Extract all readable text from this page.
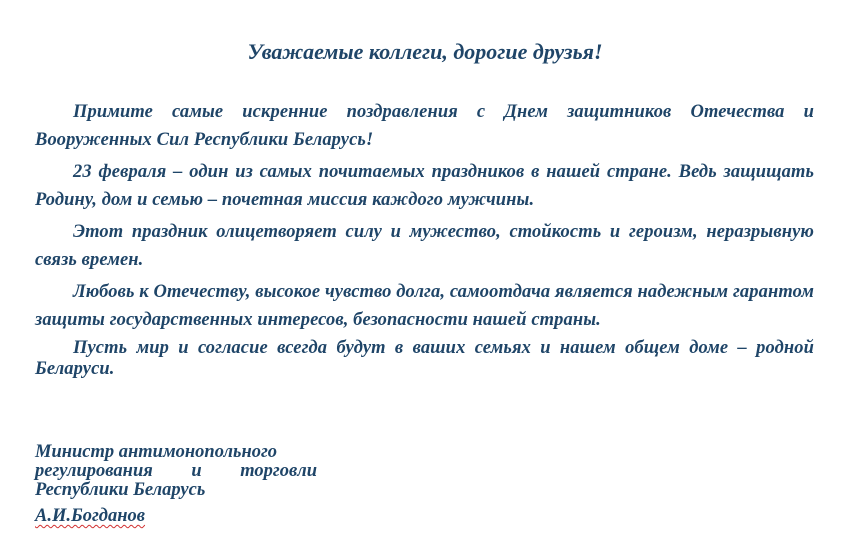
Уважаемые коллеги, дорогие друзья!

Примите самые искренние поздравления с Днем защитников Отечества и Вооруженных Сил Республики Беларусь!

23 февраля – один из самых почитаемых праздников в нашей стране. Ведь защищать Родину, дом и семью – почетная миссия каждого мужчины.

Этот праздник олицетворяет силу и мужество, стойкость и героизм, неразрывную связь времен.

Любовь к Отечеству, высокое чувство долга, самоотдача является надежным гарантом защиты государственных интересов, безопасности нашей страны.

Пусть мир и согласие всегда будут в ваших семьях и нашем общем доме – родной Беларуси.

Министр антимонопольного

регулирования и торговли

Республики Беларусь

А.И.Богданов
